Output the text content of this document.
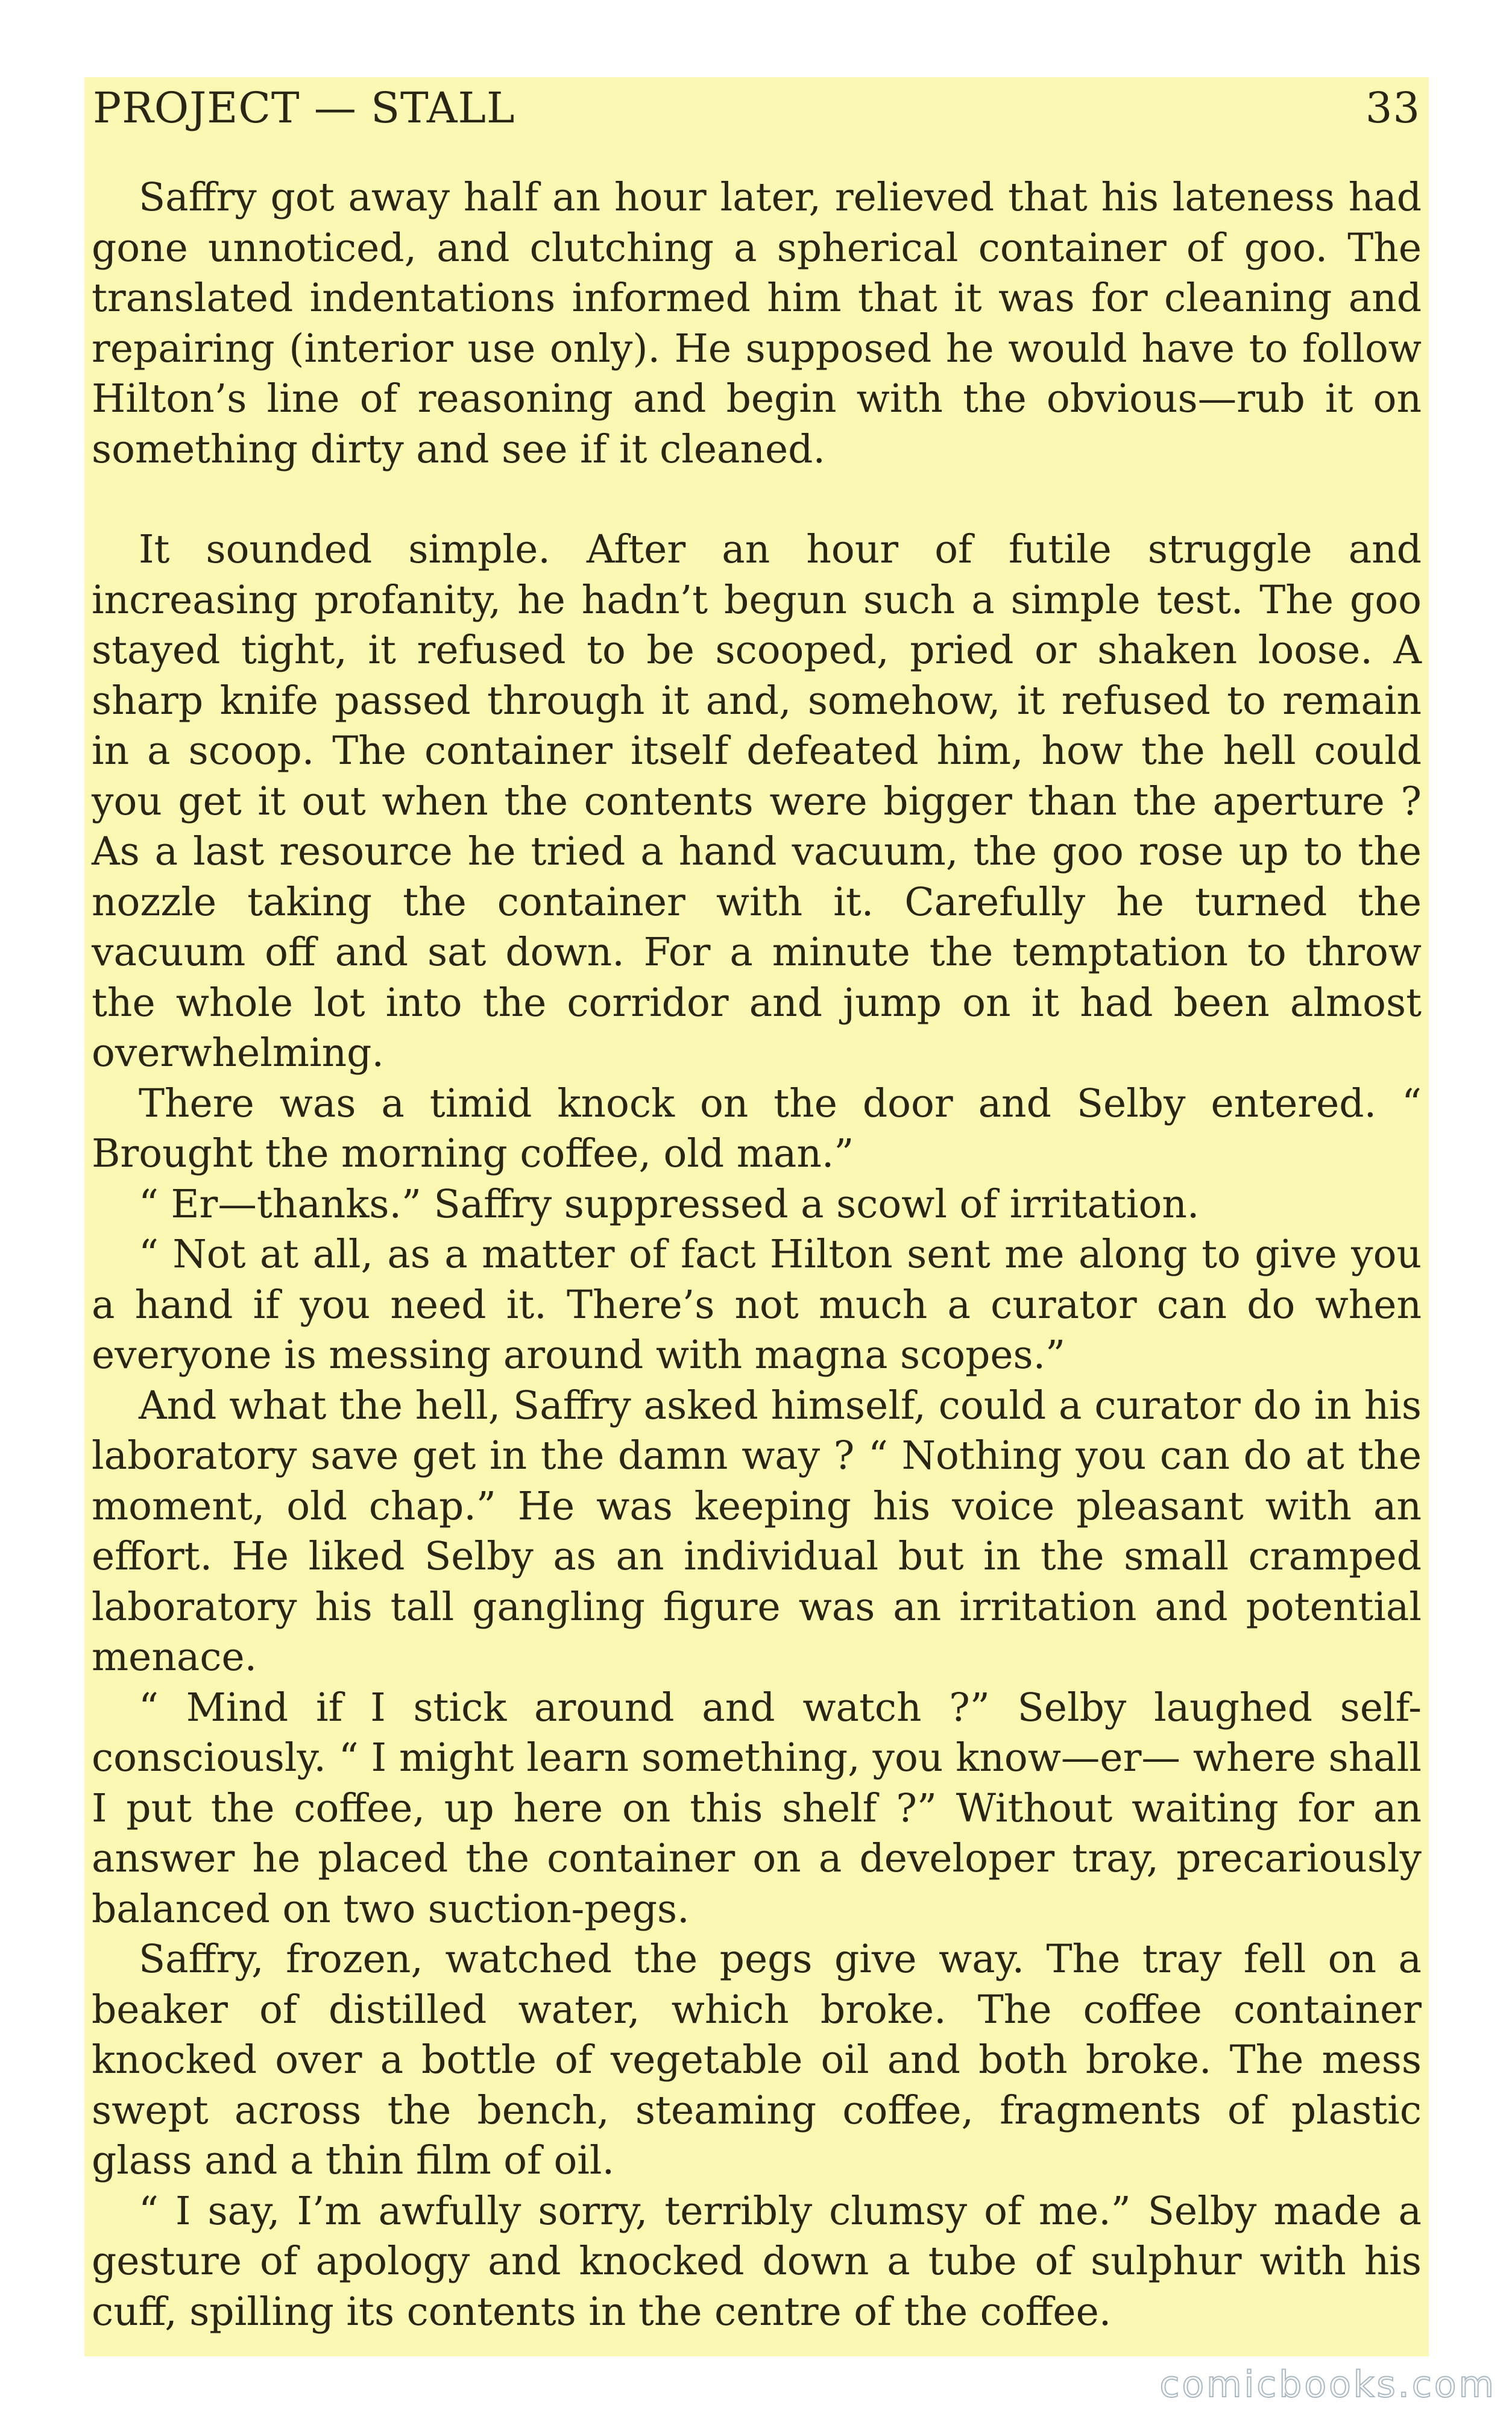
PROJECT — STALL	33

Saffry got away half an hour later, relieved that his lateness had gone unnoticed, and clutching a spherical container of goo. The translated indentations informed him that it was for cleaning and repairing (interior use only). He supposed he would have to follow Hilton’s line of reasoning and begin with the obvious—rub it on something dirty and see if it cleaned.

It sounded simple. After an hour of futile struggle and increasing profanity, he hadn’t begun such a simple test. The goo stayed tight, it refused to be scooped, pried or shaken loose. A sharp knife passed through it and, somehow, it refused to remain in a scoop. The container itself defeated him, how the hell could you get it out when the contents were bigger than the aperture ? As a last resource he tried a hand vacuum, the goo rose up to the nozzle taking the container with it. Carefully he turned the vacuum off and sat down. For a minute the temptation to throw the whole lot into the corridor and jump on it had been almost overwhelming.

There was a timid knock on the door and Selby entered. “ Brought the morning coffee, old man.”

“ Er—thanks.” Saffry suppressed a scowl of irritation.

“ Not at all, as a matter of fact Hilton sent me along to give you a hand if you need it. There’s not much a curator can do when everyone is messing around with magna scopes.”

And what the hell, Saffry asked himself, could a curator do in his laboratory save get in the damn way ? “ Nothing you can do at the moment, old chap.” He was keeping his voice pleasant with an effort. He liked Selby as an individual but in the small cramped laboratory his tall gangling figure was an irritation and potential menace.

“ Mind if I stick around and watch ?” Selby laughed self-consciously. “ I might learn something, you know—er— where shall I put the coffee, up here on this shelf ?” Without waiting for an answer he placed the container on a developer tray, precariously balanced on two suction-pegs.

Saffry, frozen, watched the pegs give way. The tray fell on a beaker of distilled water, which broke. The coffee container knocked over a bottle of vegetable oil and both broke. The mess swept across the bench, steaming coffee, fragments of plastic glass and a thin film of oil.

“ I say, I’m awfully sorry, terribly clumsy of me.” Selby made a gesture of apology and knocked down a tube of sulphur with his cuff, spilling its contents in the centre of the coffee.

comicbooks.com
